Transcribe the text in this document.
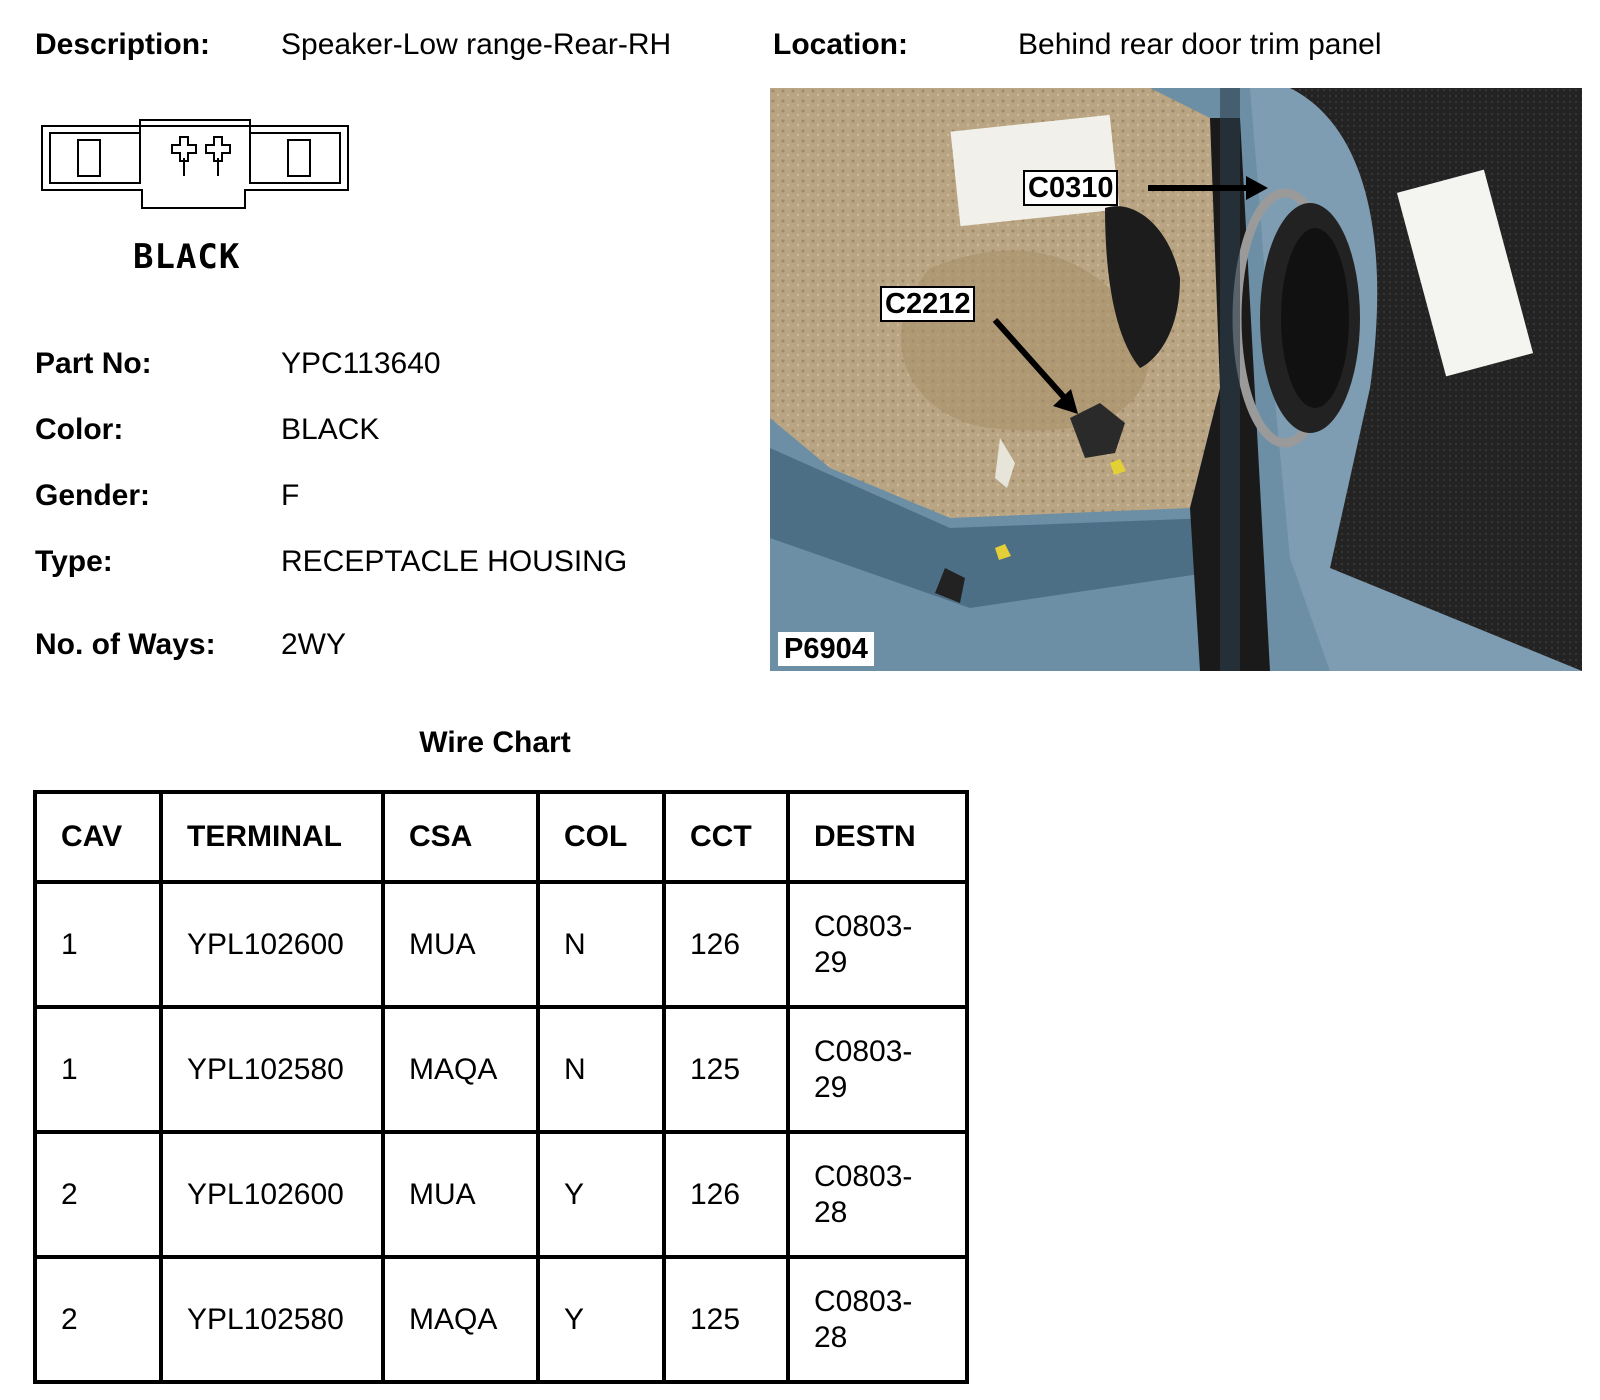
Description: Speaker-Low range-Rear-RH	Location:	Behind rear door trim panel
BLACK
Part No:	YPC113640
Color:	BLACK
Gender:	F
Type:	RECEPTACLE HOUSING
No. of Ways: 2WY
C0310
C2212
P6904
Wire Chart
CAV	TERMINAL	CSA	COL	CCT	DESTN
1	YPL102600	MUA	N	126	C0803-
29
1	YPL102580	MAQA	N	125	C0803-
29
2	YPL102600	MUA	Y	126	C0803-
28
2	YPL102580	MAQA	Y	125	C0803-
28
